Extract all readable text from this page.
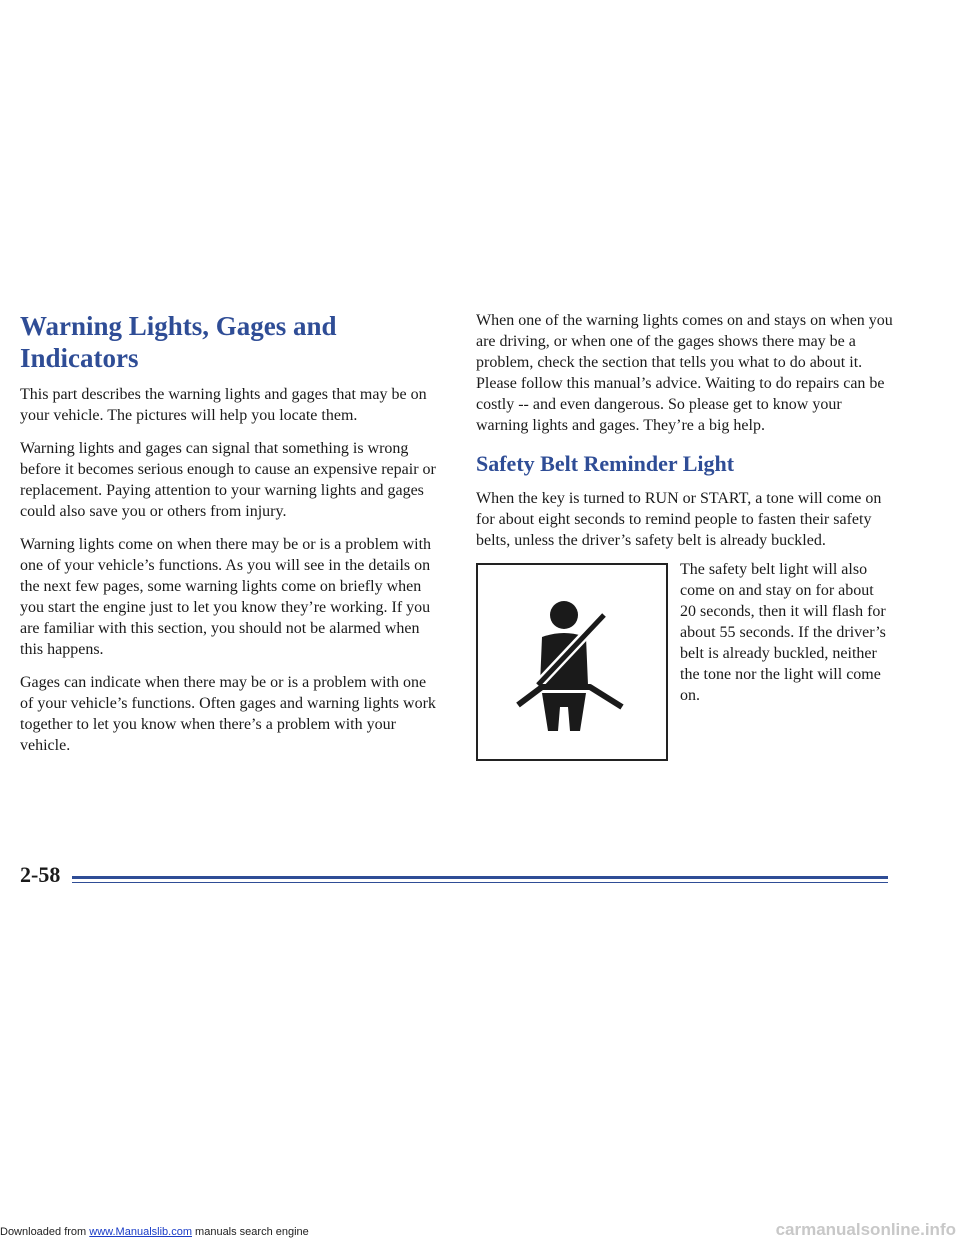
Warning Lights, Gages and Indicators

This part describes the warning lights and gages that may be on your vehicle. The pictures will help you locate them.

Warning lights and gages can signal that something is wrong before it becomes serious enough to cause an expensive repair or replacement. Paying attention to your warning lights and gages could also save you or others from injury.

Warning lights come on when there may be or is a problem with one of your vehicle’s functions. As you will see in the details on the next few pages, some warning lights come on briefly when you start the engine just to let you know they’re working. If you are familiar with this section, you should not be alarmed when this happens.

Gages can indicate when there may be or is a problem with one of your vehicle’s functions. Often gages and warning lights work together to let you know when there’s a problem with your vehicle.

When one of the warning lights comes on and stays on when you are driving, or when one of the gages shows there may be a problem, check the section that tells you what to do about it. Please follow this manual’s advice. Waiting to do repairs can be costly -- and even dangerous. So please get to know your warning lights and gages. They’re a big help.

Safety Belt Reminder Light

When the key is turned to RUN or START, a tone will come on for about eight seconds to remind people to fasten their safety belts, unless the driver’s safety belt is already buckled.

The safety belt light will also come on and stay on for about 20 seconds, then it will flash for about 55 seconds. If the driver’s belt is already buckled, neither the tone nor the light will come on.

2-58
Downloaded from www.Manualslib.com manuals search engine	carmanualsonline.info
